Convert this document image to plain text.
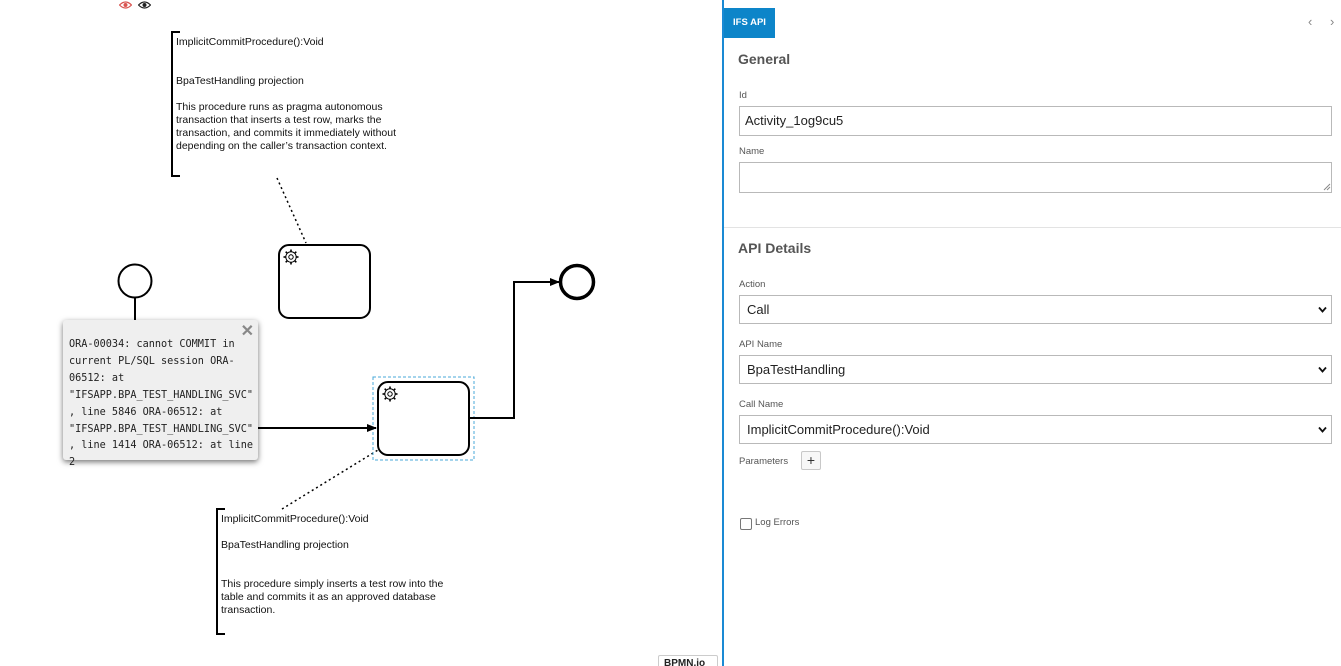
ImplicitCommitProcedure():Void
BpaTestHandling projection
This procedure runs as pragma autonomous
transaction that inserts a test row, marks the
transaction, and commits it immediately without
depending on the caller’s transaction context.
ImplicitCommitProcedure():Void
BpaTestHandling projection
This procedure simply inserts a test row into the
table and commits it as an approved database
transaction.
✕
ORA-00034: cannot COMMIT in current PL/SQL session ORA-06512: at "IFSAPP.BPA_TEST_HANDLING_SVC", line 5846 ORA-06512: at "IFSAPP.BPA_TEST_HANDLING_SVC", line 1414 ORA-06512: at line 2
BPMN.io
IFS API	‹ ›
General
Id
Activity_1og9cu5
Name
API Details
Action
Call
API Name
BpaTestHandling
Call Name
ImplicitCommitProcedure():Void
Parameters	+
Log Errors
